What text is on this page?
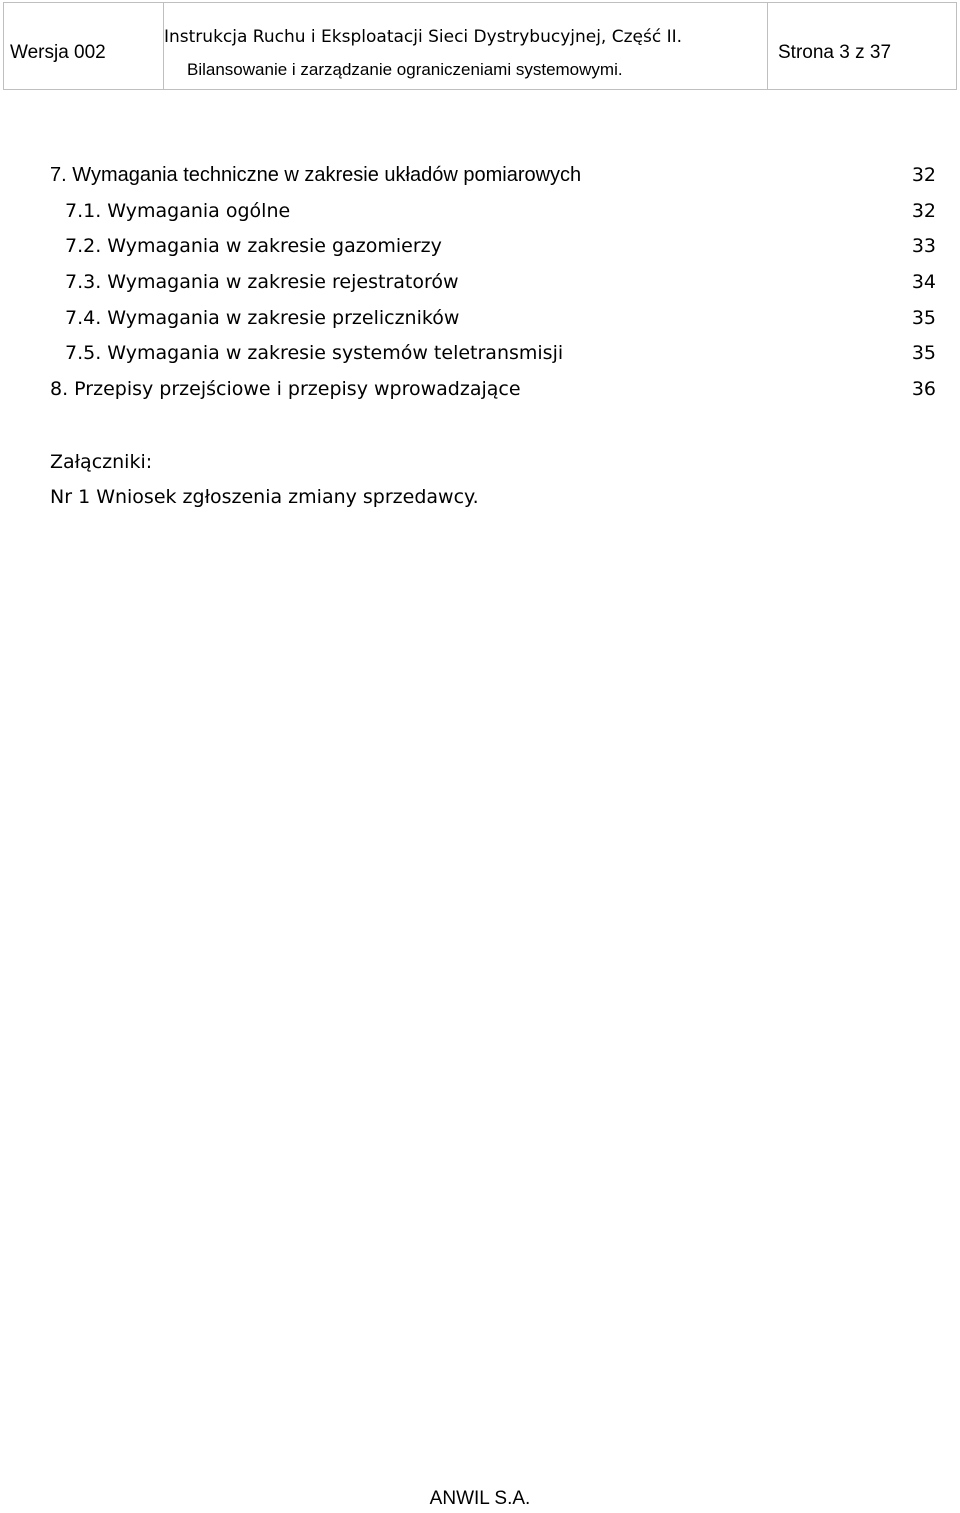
Wersja 002
Instrukcja Ruchu i Eksploatacji Sieci Dystrybucyjnej, Część II.
Bilansowanie i zarządzanie ograniczeniami systemowymi.
Strona 3 z 37
7. Wymagania techniczne w zakresie układów pomiarowych	32
7.1. Wymagania ogólne	32
7.2. Wymagania w zakresie gazomierzy	33
7.3. Wymagania w zakresie rejestratorów	34
7.4. Wymagania w zakresie przeliczników	35
7.5. Wymagania w zakresie systemów teletransmisji	35
8. Przepisy przejściowe i przepisy wprowadzające	36
Załączniki:
Nr 1 Wniosek zgłoszenia zmiany sprzedawcy.
ANWIL S.A.
